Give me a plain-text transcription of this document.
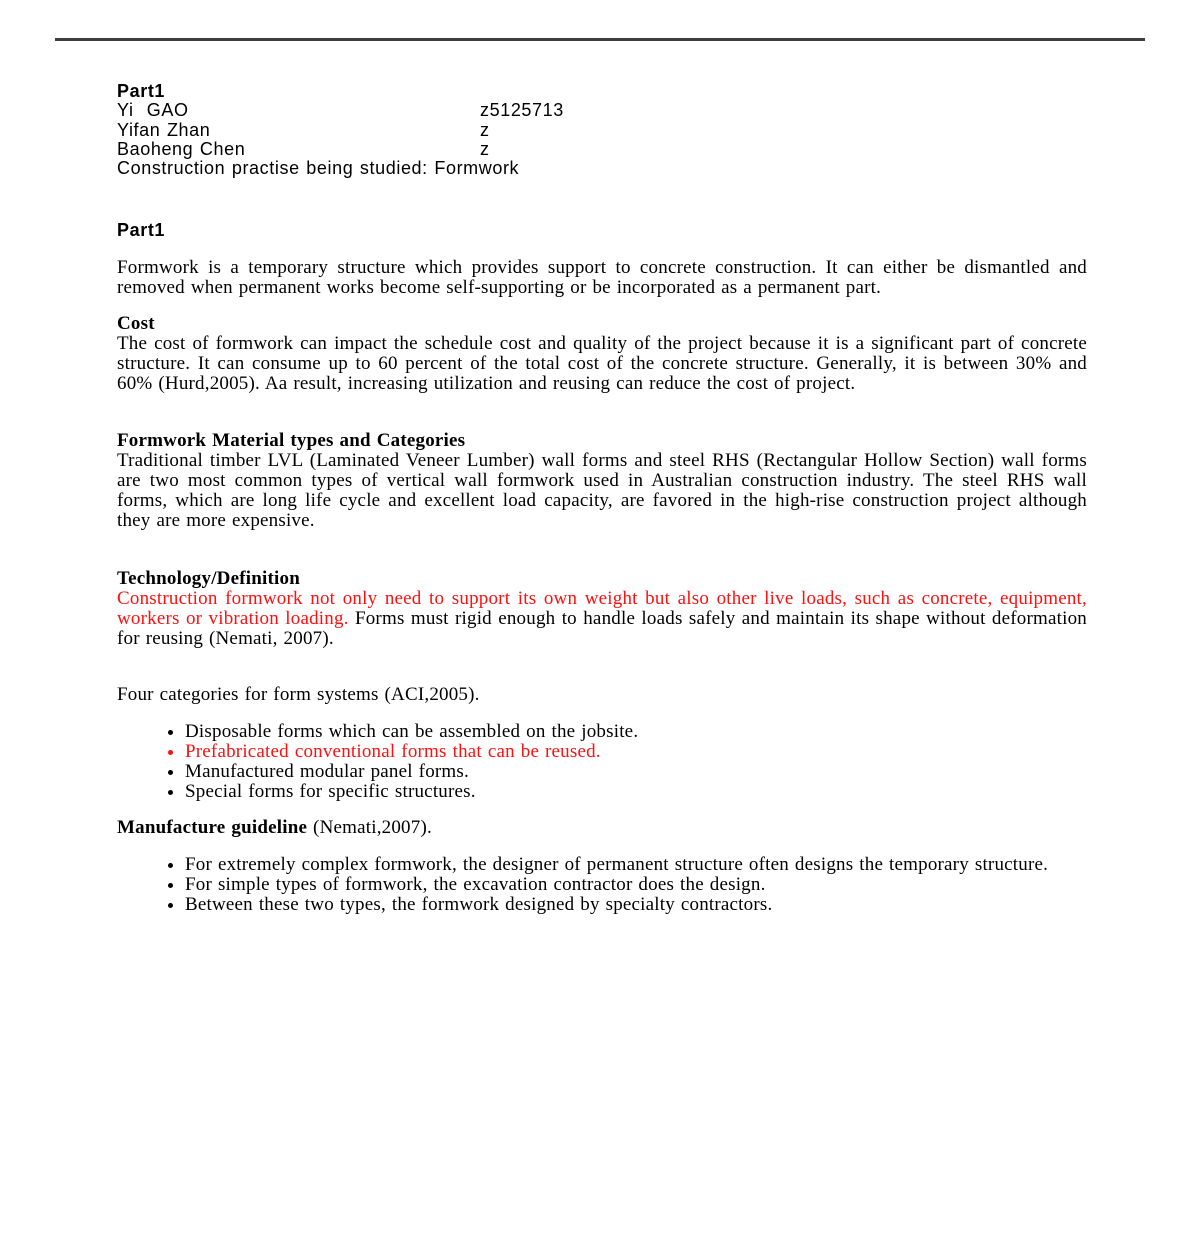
Part1
Yi  GAO	z5125713
Yifan Zhan	z
Baoheng Chen	z
Construction practise being studied: Formwork
Part1

Formwork is a temporary structure which provides support to concrete construction. It can either be dismantled and removed when permanent works become self-supporting or be incorporated as a permanent part.

Cost

The cost of formwork can impact the schedule cost and quality of the project because it is a significant part of concrete structure. It can consume up to 60 percent of the total cost of the concrete structure. Generally, it is between 30% and 60% (Hurd,2005). Aa result, increasing utilization and reusing can reduce the cost of project.

Formwork Material types and Categories

Traditional timber LVL (Laminated Veneer Lumber) wall forms and steel RHS (Rectangular Hollow Section) wall forms are two most common types of vertical wall formwork used in Australian construction industry. The steel RHS wall forms, which are long life cycle and excellent load capacity, are favored in the high-rise construction project although they are more expensive.

Technology/Definition

Construction formwork not only need to support its own weight but also other live loads, such as concrete, equipment, workers or vibration loading. Forms must rigid enough to handle loads safely and maintain its shape without deformation for reusing (Nemati, 2007).

Four categories for form systems (ACI,2005).

• Disposable forms which can be assembled on the jobsite.
• Prefabricated conventional forms that can be reused.
• Manufactured modular panel forms.
• Special forms for specific structures.

Manufacture guideline (Nemati,2007).

• For extremely complex formwork, the designer of permanent structure often designs the temporary structure.
• For simple types of formwork, the excavation contractor does the design.
• Between these two types, the formwork designed by specialty contractors.
